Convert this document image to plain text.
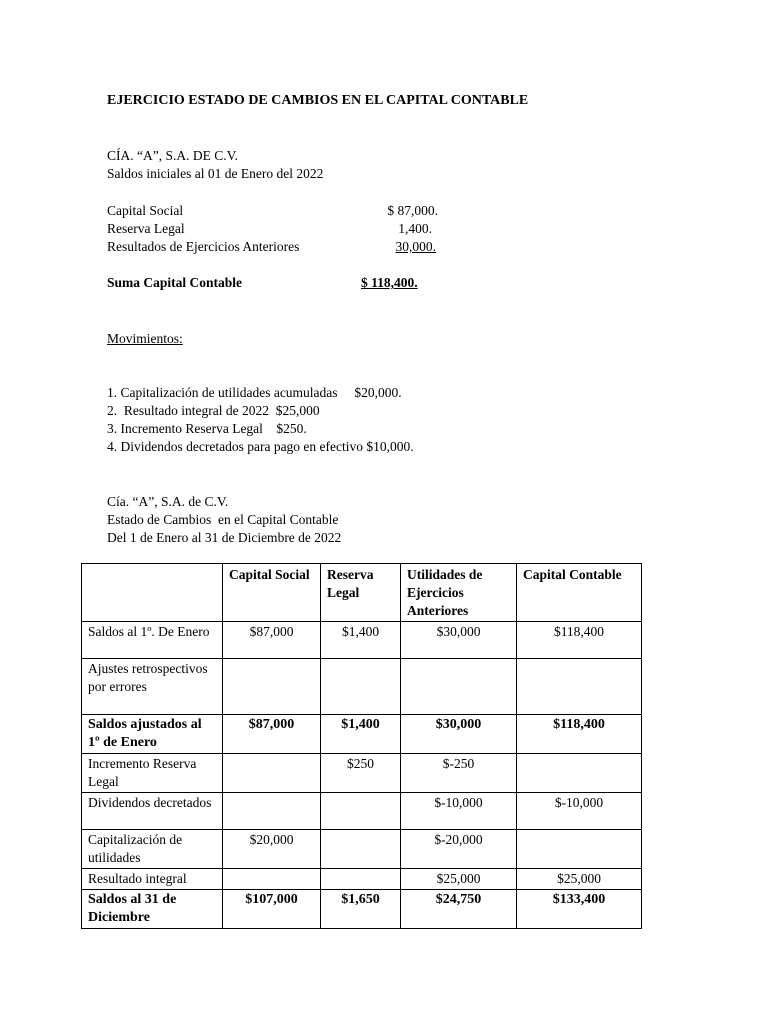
EJERCICIO ESTADO DE CAMBIOS EN EL CAPITAL CONTABLE
CÍA. “A”, S.A. DE C.V.
Saldos iniciales al 01 de Enero del 2022
Capital Social	$ 87,000.
Reserva Legal	1,400.
Resultados de Ejercicios Anteriores	30,000.
Suma Capital Contable	$ 118,400.
Movimientos:
1. Capitalización de utilidades acumuladas     $20,000.
2.  Resultado integral de 2022  $25,000
3. Incremento Reserva Legal    $250.
4. Dividendos decretados para pago en efectivo $10,000.
Cía. “A”, S.A. de C.V.
Estado de Cambios  en el Capital Contable
Del 1 de Enero al 31 de Diciembre de 2022
	Capital Social	Reserva Legal	Utilidades de Ejercicios Anteriores	Capital Contable
Saldos al 1º. De Enero	$87,000	$1,400	$30,000	$118,400
Ajustes retrospectivos por errores				
Saldos ajustados al 1º de Enero	$87,000	$1,400	$30,000	$118,400
Incremento Reserva Legal		$250	$-250	
Dividendos decretados			$-10,000	$-10,000
Capitalización de utilidades	$20,000		$-20,000	
Resultado integral			$25,000	$25,000
Saldos al 31 de Diciembre	$107,000	$1,650	$24,750	$133,400
